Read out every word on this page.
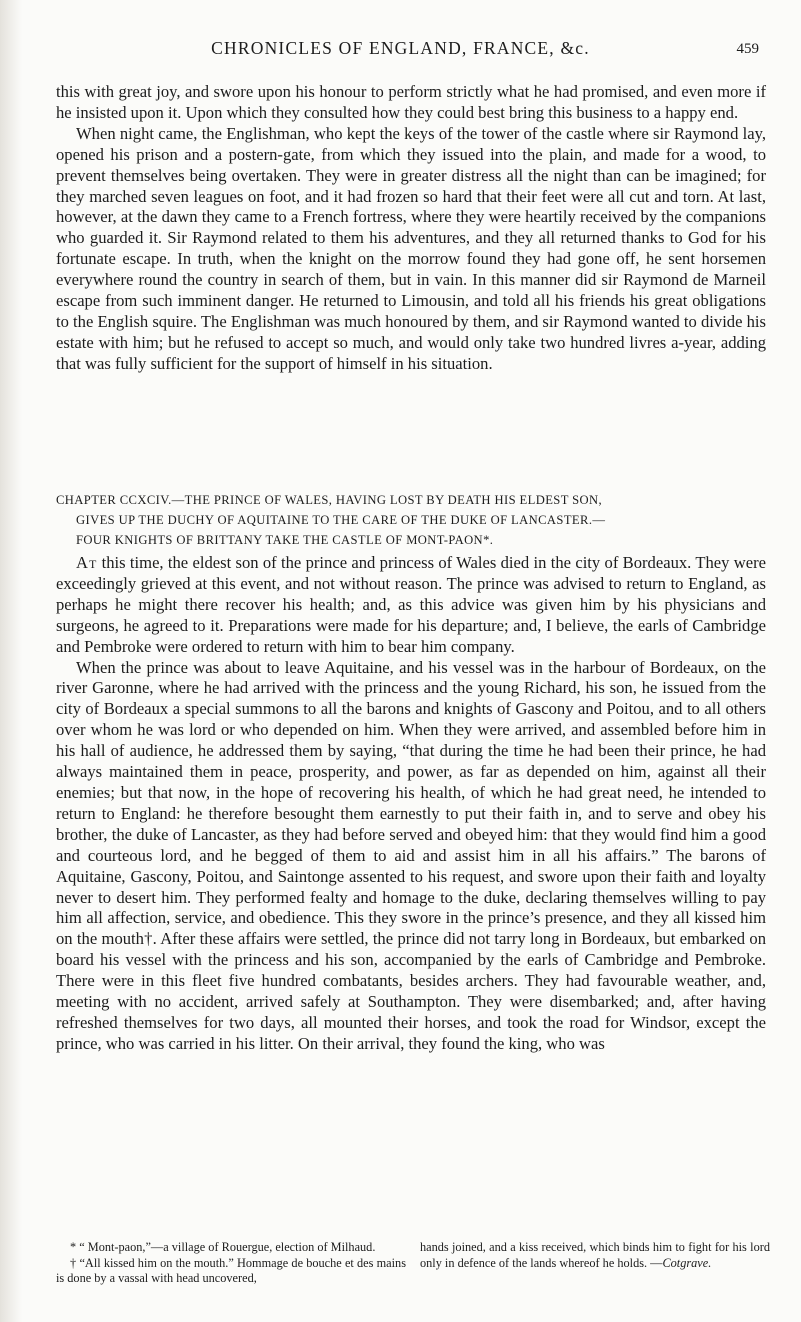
CHRONICLES OF ENGLAND, FRANCE, &c.	459

this with great joy, and swore upon his honour to perform strictly what he had promised, and even more if he insisted upon it. Upon which they consulted how they could best bring this business to a happy end.

When night came, the Englishman, who kept the keys of the tower of the castle where sir Raymond lay, opened his prison and a postern-gate, from which they issued into the plain, and made for a wood, to prevent themselves being overtaken. They were in greater distress all the night than can be imagined; for they marched seven leagues on foot, and it had frozen so hard that their feet were all cut and torn. At last, however, at the dawn they came to a French fortress, where they were heartily received by the companions who guarded it. Sir Raymond related to them his adventures, and they all returned thanks to God for his fortunate escape. In truth, when the knight on the morrow found they had gone off, he sent horsemen everywhere round the country in search of them, but in vain. In this manner did sir Raymond de Marneil escape from such imminent danger. He returned to Limousin, and told all his friends his great obligations to the English squire. The Englishman was much honoured by them, and sir Raymond wanted to divide his estate with him; but he refused to accept so much, and would only take two hundred livres a-year, adding that was fully sufficient for the support of himself in his situation.

CHAPTER CCXCIV.—THE PRINCE OF WALES, HAVING LOST BY DEATH HIS ELDEST SON,
GIVES UP THE DUCHY OF AQUITAINE TO THE CARE OF THE DUKE OF LANCASTER.—
FOUR KNIGHTS OF BRITTANY TAKE THE CASTLE OF MONT-PAON*.

At this time, the eldest son of the prince and princess of Wales died in the city of Bordeaux. They were exceedingly grieved at this event, and not without reason. The prince was advised to return to England, as perhaps he might there recover his health; and, as this advice was given him by his physicians and surgeons, he agreed to it. Preparations were made for his departure; and, I believe, the earls of Cambridge and Pembroke were ordered to return with him to bear him company.

When the prince was about to leave Aquitaine, and his vessel was in the harbour of Bordeaux, on the river Garonne, where he had arrived with the princess and the young Richard, his son, he issued from the city of Bordeaux a special summons to all the barons and knights of Gascony and Poitou, and to all others over whom he was lord or who depended on him. When they were arrived, and assembled before him in his hall of audience, he addressed them by saying, “that during the time he had been their prince, he had always maintained them in peace, prosperity, and power, as far as depended on him, against all their enemies; but that now, in the hope of recovering his health, of which he had great need, he intended to return to England: he therefore besought them earnestly to put their faith in, and to serve and obey his brother, the duke of Lancaster, as they had before served and obeyed him: that they would find him a good and courteous lord, and he begged of them to aid and assist him in all his affairs.” The barons of Aquitaine, Gascony, Poitou, and Saintonge assented to his request, and swore upon their faith and loyalty never to desert him. They performed fealty and homage to the duke, declaring themselves willing to pay him all affection, service, and obedience. This they swore in the prince’s presence, and they all kissed him on the mouth†. After these affairs were settled, the prince did not tarry long in Bordeaux, but embarked on board his vessel with the princess and his son, accompanied by the earls of Cambridge and Pembroke. There were in this fleet five hundred combatants, besides archers. They had favourable weather, and, meeting with no accident, arrived safely at Southampton. They were disembarked; and, after having refreshed themselves for two days, all mounted their horses, and took the road for Windsor, except the prince, who was carried in his litter. On their arrival, they found the king, who was

* “ Mont-paon,”—a village of Rouergue, election of Milhaud.

† “All kissed him on the mouth.” Hommage de bouche et des mains is done by a vassal with head uncovered,

hands joined, and a kiss received, which binds him to fight for his lord only in defence of the lands whereof he holds. —Cotgrave.
